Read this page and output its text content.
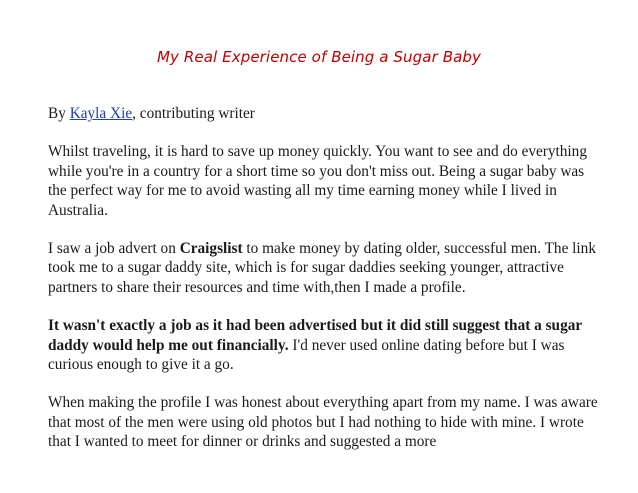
My Real Experience of Being a Sugar Baby

By Kayla Xie, contributing writer

Whilst traveling, it is hard to save up money quickly. You want to see and do everything while you're in a country for a short time so you don't miss out. Being a sugar baby was the perfect way for me to avoid wasting all my time earning money while I lived in Australia.

I saw a job advert on Craigslist to make money by dating older, successful men. The link took me to a sugar daddy site, which is for sugar daddies seeking younger, attractive partners to share their resources and time with,then I made a profile.

It wasn't exactly a job as it had been advertised but it did still suggest that a sugar daddy would help me out financially. I'd never used online dating before but I was curious enough to give it a go.

When making the profile I was honest about everything apart from my name. I was aware that most of the men were using old photos but I had nothing to hide with mine. I wrote that I wanted to meet for dinner or drinks and suggested a more
